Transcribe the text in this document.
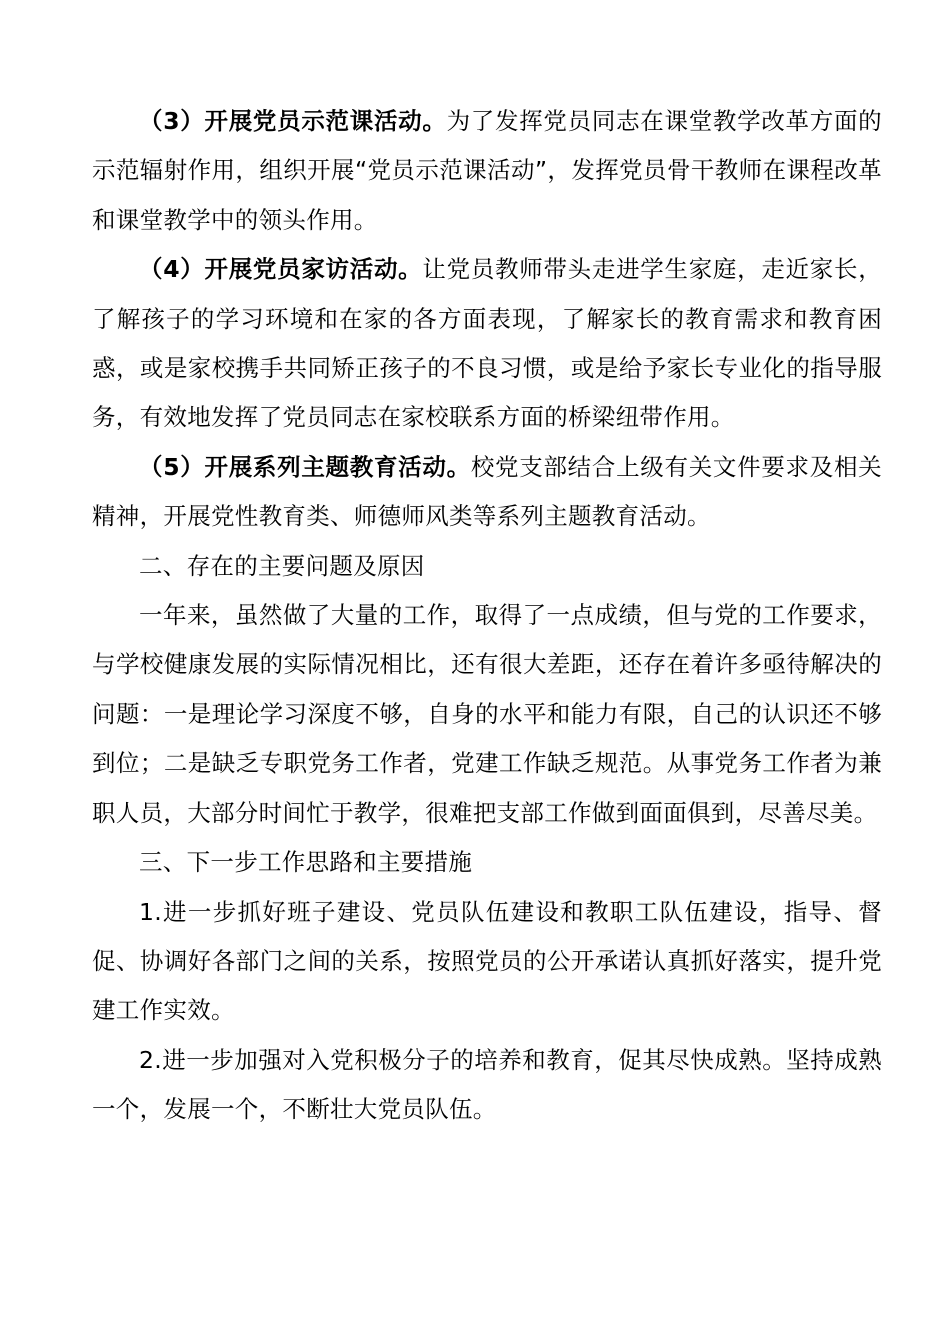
（3）开展党员示范课活动。为了发挥党员同志在课堂教学改革方面的示范辐射作用，组织开展“党员示范课活动”，发挥党员骨干教师在课程改革和课堂教学中的领头作用。

（4）开展党员家访活动。让党员教师带头走进学生家庭，走近家长，了解孩子的学习环境和在家的各方面表现，了解家长的教育需求和教育困惑，或是家校携手共同矫正孩子的不良习惯，或是给予家长专业化的指导服务，有效地发挥了党员同志在家校联系方面的桥梁纽带作用。

（5）开展系列主题教育活动。校党支部结合上级有关文件要求及相关精神，开展党性教育类、师德师风类等系列主题教育活动。

二、存在的主要问题及原因

一年来，虽然做了大量的工作，取得了一点成绩，但与党的工作要求，与学校健康发展的实际情况相比，还有很大差距，还存在着许多亟待解决的问题：一是理论学习深度不够，自身的水平和能力有限，自己的认识还不够到位；二是缺乏专职党务工作者，党建工作缺乏规范。从事党务工作者为兼职人员，大部分时间忙于教学，很难把支部工作做到面面俱到，尽善尽美。

三、下一步工作思路和主要措施

1.进一步抓好班子建设、党员队伍建设和教职工队伍建设，指导、督促、协调好各部门之间的关系，按照党员的公开承诺认真抓好落实，提升党建工作实效。

2.进一步加强对入党积极分子的培养和教育，促其尽快成熟。坚持成熟一个，发展一个，不断壮大党员队伍。
